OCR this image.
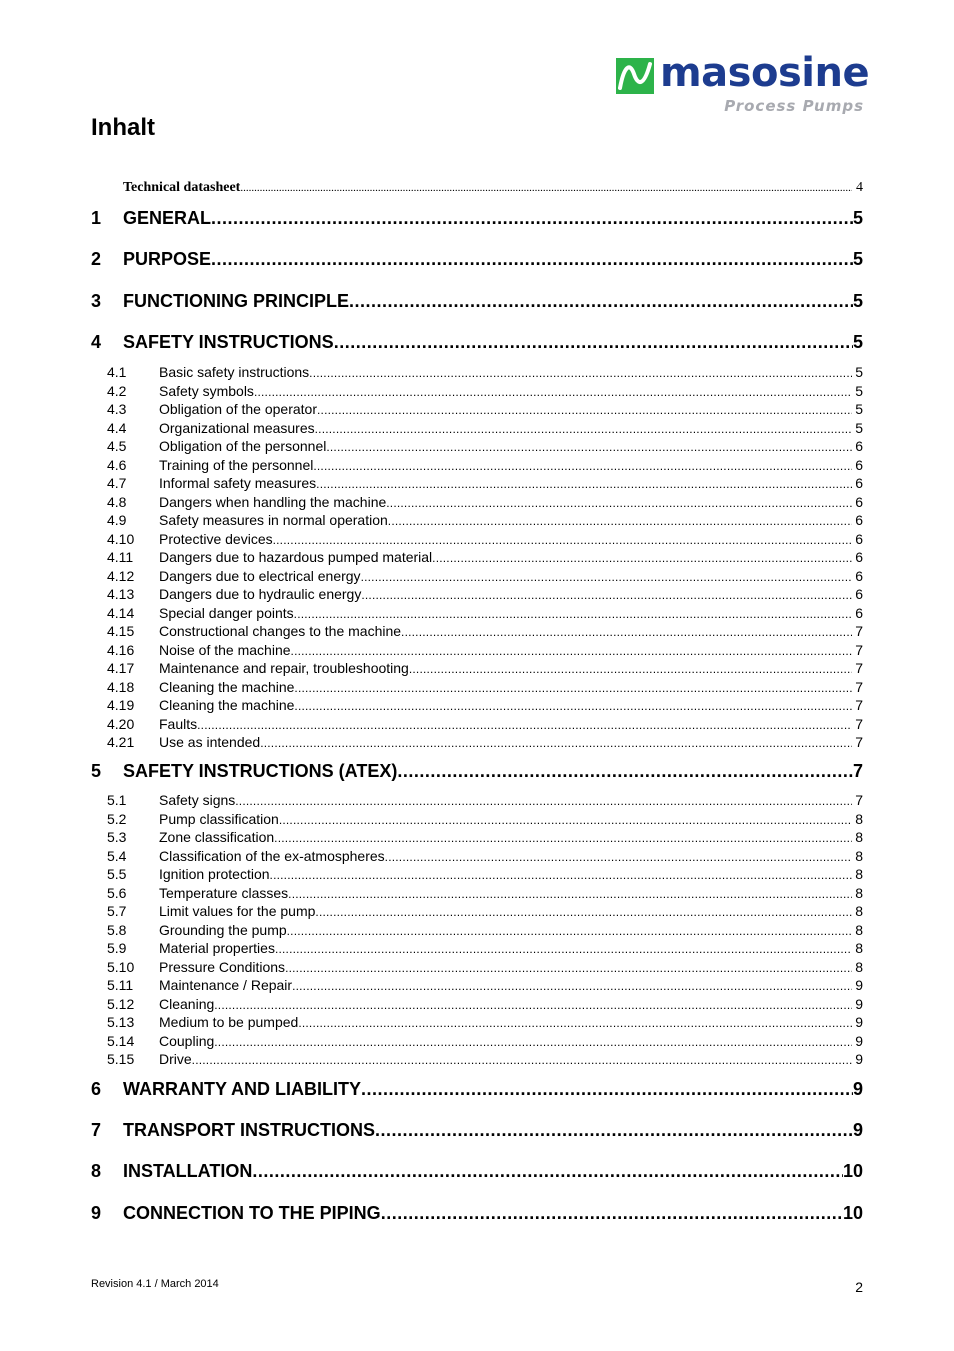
masosine
Process Pumps
Inhalt
Technical datasheet .....	4
1	GENERAL .....	5
2	PURPOSE .....	5
3	FUNCTIONING PRINCIPLE .....	5
4	SAFETY INSTRUCTIONS .....	5
4.1	Basic safety instructions .....	5
4.2	Safety symbols .....	5
4.3	Obligation of the operator .....	5
4.4	Organizational measures .....	5
4.5	Obligation of the personnel .....	6
4.6	Training of the personnel .....	6
4.7	Informal safety measures .....	6
4.8	Dangers when handling the machine .....	6
4.9	Safety measures in normal operation .....	6
4.10	Protective devices .....	6
4.11	Dangers due to hazardous pumped material .....	6
4.12	Dangers due to electrical energy .....	6
4.13	Dangers due to hydraulic energy .....	6
4.14	Special danger points .....	6
4.15	Constructional changes to the machine .....	7
4.16	Noise of the machine .....	7
4.17	Maintenance and repair, troubleshooting .....	7
4.18	Cleaning the machine .....	7
4.19	Cleaning the machine .....	7
4.20	Faults .....	7
4.21	Use as intended .....	7
5	SAFETY INSTRUCTIONS (ATEX) .....	7
5.1	Safety signs .....	7
5.2	Pump classification .....	8
5.3	Zone classification .....	8
5.4	Classification of the ex-atmospheres .....	8
5.5	Ignition protection .....	8
5.6	Temperature classes .....	8
5.7	Limit values for the pump .....	8
5.8	Grounding the pump .....	8
5.9	Material properties .....	8
5.10	Pressure Conditions .....	8
5.11	Maintenance / Repair .....	9
5.12	Cleaning .....	9
5.13	Medium to be pumped .....	9
5.14	Coupling .....	9
5.15	Drive .....	9
6	WARRANTY AND LIABILITY .....	9
7	TRANSPORT INSTRUCTIONS .....	9
8	INSTALLATION .....	10
9	CONNECTION TO THE PIPING .....	10
Revision 4.1 / March 2014	2
